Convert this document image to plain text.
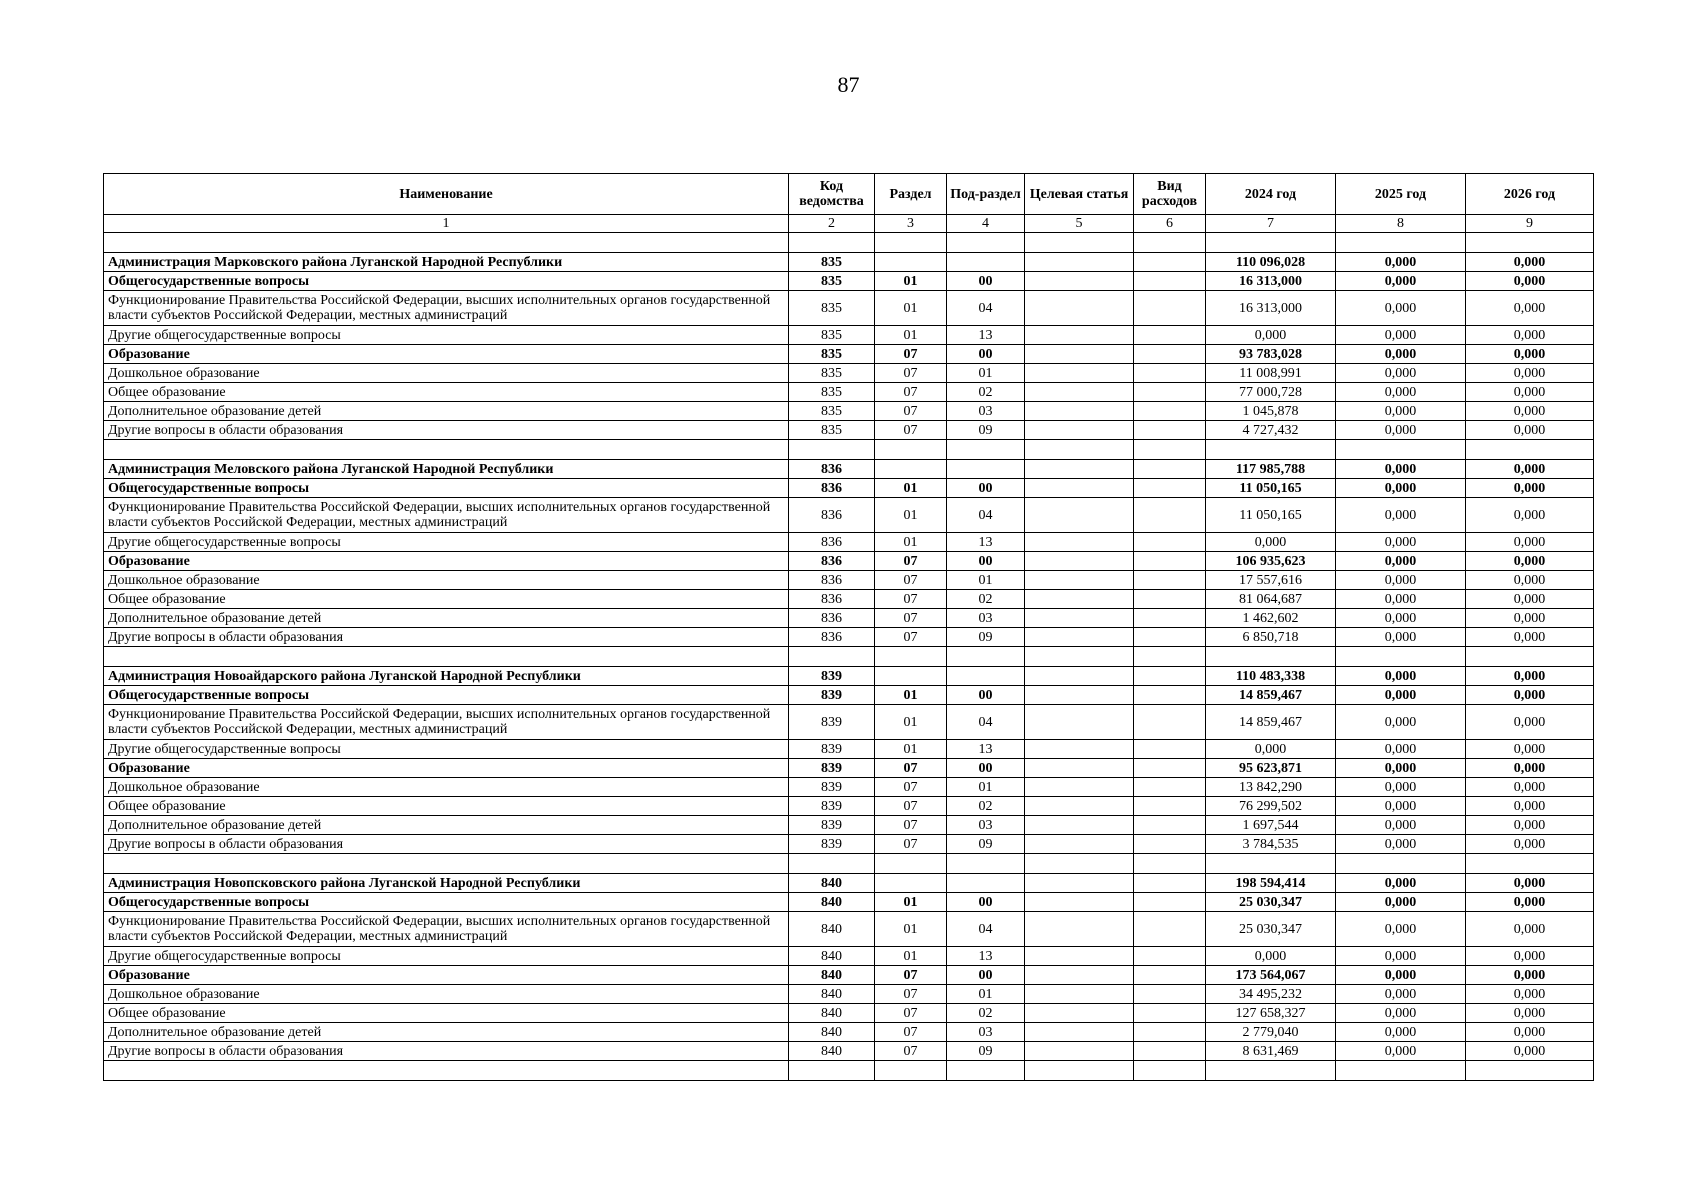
87
Наименование	Код ведомства	Раздел	Под-раздел	Целевая статья	Вид расходов	2024 год	2025 год	2026 год
1	2	3	4	5	6	7	8	9

Администрация Марковского района Луганской Народной Республики	835					110 096,028	0,000	0,000
Общегосударственные вопросы	835	01	00			16 313,000	0,000	0,000
Функционирование Правительства Российской Федерации, высших исполнительных органов государственной власти субъектов Российской Федерации, местных администраций	835	01	04			16 313,000	0,000	0,000
Другие общегосударственные вопросы	835	01	13			0,000	0,000	0,000
Образование	835	07	00			93 783,028	0,000	0,000
Дошкольное образование	835	07	01			11 008,991	0,000	0,000
Общее образование	835	07	02			77 000,728	0,000	0,000
Дополнительное образование детей	835	07	03			1 045,878	0,000	0,000
Другие вопросы в области образования	835	07	09			4 727,432	0,000	0,000

Администрация Меловского района Луганской Народной Республики	836					117 985,788	0,000	0,000
Общегосударственные вопросы	836	01	00			11 050,165	0,000	0,000
Функционирование Правительства Российской Федерации, высших исполнительных органов государственной власти субъектов Российской Федерации, местных администраций	836	01	04			11 050,165	0,000	0,000
Другие общегосударственные вопросы	836	01	13			0,000	0,000	0,000
Образование	836	07	00			106 935,623	0,000	0,000
Дошкольное образование	836	07	01			17 557,616	0,000	0,000
Общее образование	836	07	02			81 064,687	0,000	0,000
Дополнительное образование детей	836	07	03			1 462,602	0,000	0,000
Другие вопросы в области образования	836	07	09			6 850,718	0,000	0,000

Администрация Новоайдарского района Луганской Народной Республики	839					110 483,338	0,000	0,000
Общегосударственные вопросы	839	01	00			14 859,467	0,000	0,000
Функционирование Правительства Российской Федерации, высших исполнительных органов государственной власти субъектов Российской Федерации, местных администраций	839	01	04			14 859,467	0,000	0,000
Другие общегосударственные вопросы	839	01	13			0,000	0,000	0,000
Образование	839	07	00			95 623,871	0,000	0,000
Дошкольное образование	839	07	01			13 842,290	0,000	0,000
Общее образование	839	07	02			76 299,502	0,000	0,000
Дополнительное образование детей	839	07	03			1 697,544	0,000	0,000
Другие вопросы в области образования	839	07	09			3 784,535	0,000	0,000

Администрация Новопсковского района Луганской Народной Республики	840					198 594,414	0,000	0,000
Общегосударственные вопросы	840	01	00			25 030,347	0,000	0,000
Функционирование Правительства Российской Федерации, высших исполнительных органов государственной власти субъектов Российской Федерации, местных администраций	840	01	04			25 030,347	0,000	0,000
Другие общегосударственные вопросы	840	01	13			0,000	0,000	0,000
Образование	840	07	00			173 564,067	0,000	0,000
Дошкольное образование	840	07	01			34 495,232	0,000	0,000
Общее образование	840	07	02			127 658,327	0,000	0,000
Дополнительное образование детей	840	07	03			2 779,040	0,000	0,000
Другие вопросы в области образования	840	07	09			8 631,469	0,000	0,000
